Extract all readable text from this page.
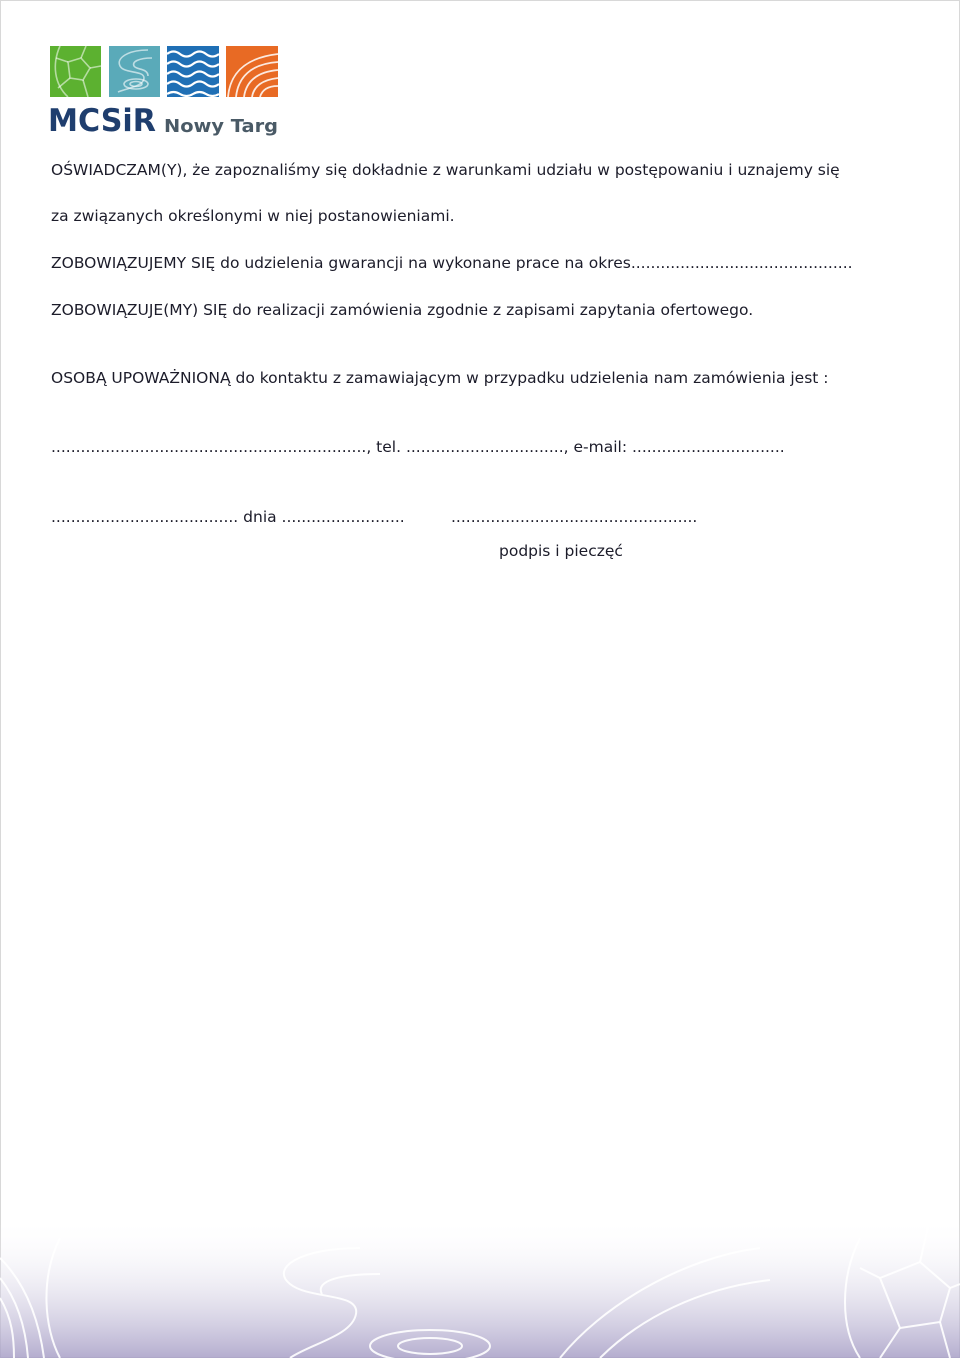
MCSiR Nowy Targ
OŚWIADCZAM(Y), że zapoznaliśmy się dokładnie z warunkami udziału w postępowaniu i uznajemy się
za związanych określonymi w niej postanowieniami.
ZOBOWIĄZUJEMY SIĘ do udzielenia gwarancji na wykonane prace na okres.............................................
ZOBOWIĄZUJE(MY) SIĘ do realizacji zamówienia zgodnie z zapisami zapytania ofertowego.
OSOBĄ UPOWAŻNIONĄ do kontaktu z zamawiającym w przypadku udzielenia nam zamówienia jest :
................................................................, tel. ................................, e-mail: ...............................
...................................... dnia .........................	..................................................
podpis i pieczęć
